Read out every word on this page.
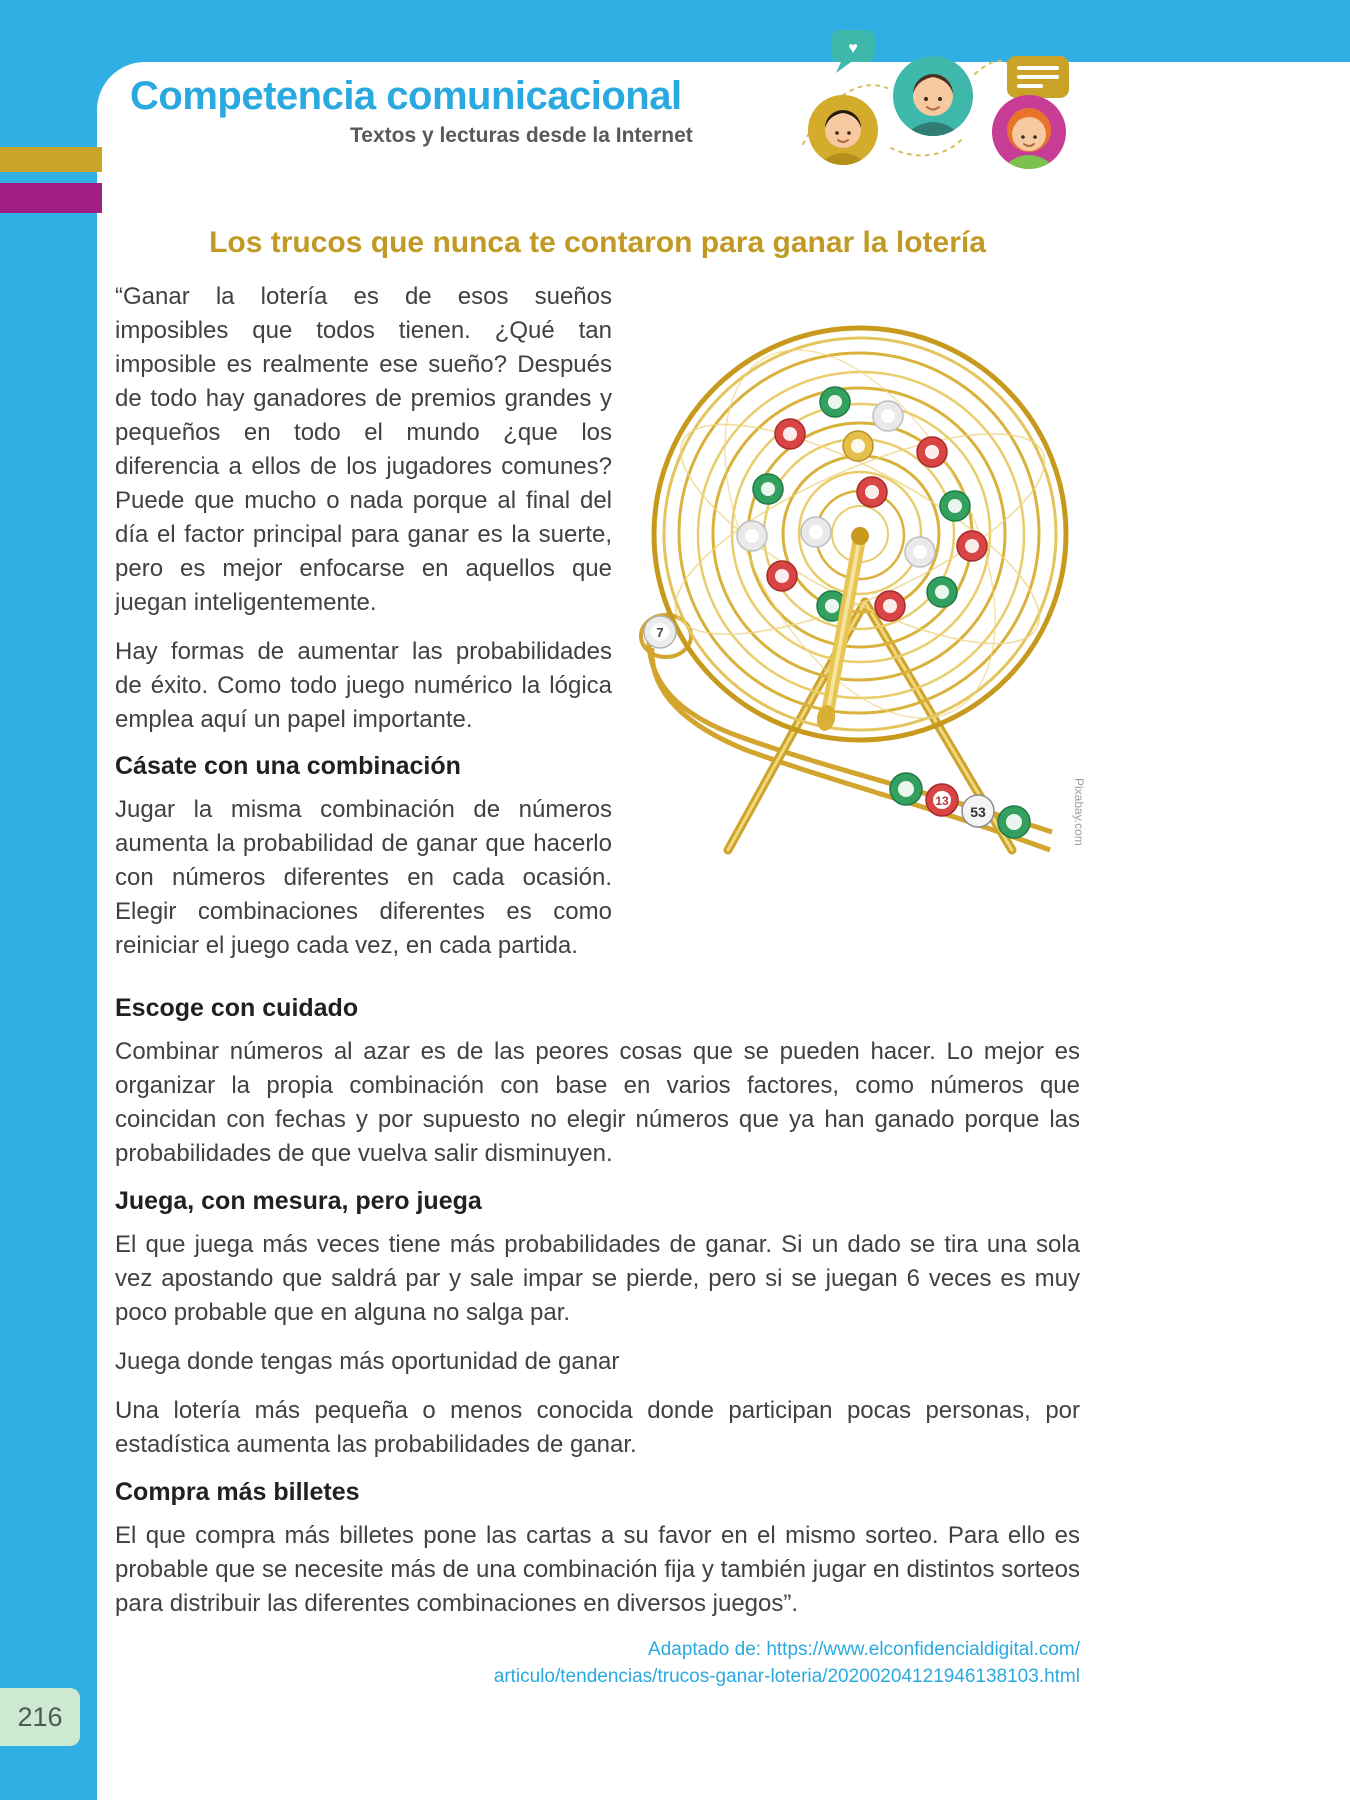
Competencia comunicacional
Textos y lecturas desde la Internet
♥
Los trucos que nunca te contaron para ganar la lotería

“Ganar la lotería es de esos sueños imposibles que todos tienen. ¿Qué tan imposible es realmente ese sueño? Después de todo hay ganadores de premios grandes y pequeños en todo el mundo ¿que los diferencia a ellos de los jugadores comunes? Puede que mucho o nada porque al final del día el factor principal para ganar es la suerte, pero es mejor enfocarse en aquellos que juegan inteligentemente.

Hay formas de aumentar las probabilidades de éxito. Como todo juego numérico la lógica emplea aquí un papel importante.

Cásate con una combinación

Jugar la misma combinación de números aumenta la probabilidad de ganar que hacerlo con números diferentes en cada ocasión. Elegir combinaciones diferentes es como reiniciar el juego cada vez, en cada partida.

7
13
53	Pixabay.com
Escoge con cuidado

Combinar números al azar es de las peores cosas que se pueden hacer. Lo mejor es organizar la propia combinación con base en varios factores, como números que coincidan con fechas y por supuesto no elegir números que ya han ganado porque las probabilidades de que vuelva salir disminuyen.

Juega, con mesura, pero juega

El que juega más veces tiene más probabilidades de ganar. Si un dado se tira una sola vez apostando que saldrá par y sale impar se pierde, pero si se juegan 6 veces es muy poco probable que en alguna no salga par.

Juega donde tengas más oportunidad de ganar

Una lotería más pequeña o menos conocida donde participan pocas personas, por estadística aumenta las probabilidades de ganar.

Compra más billetes

El que compra más billetes pone las cartas a su favor en el mismo sorteo. Para ello es probable que se necesite más de una combinación fija y también jugar en distintos sorteos para distribuir las diferentes combinaciones en diversos juegos”.

Adaptado de: https://www.elconfidencialdigital.com/
articulo/tendencias/trucos-ganar-loteria/20200204121946138103.html
216
